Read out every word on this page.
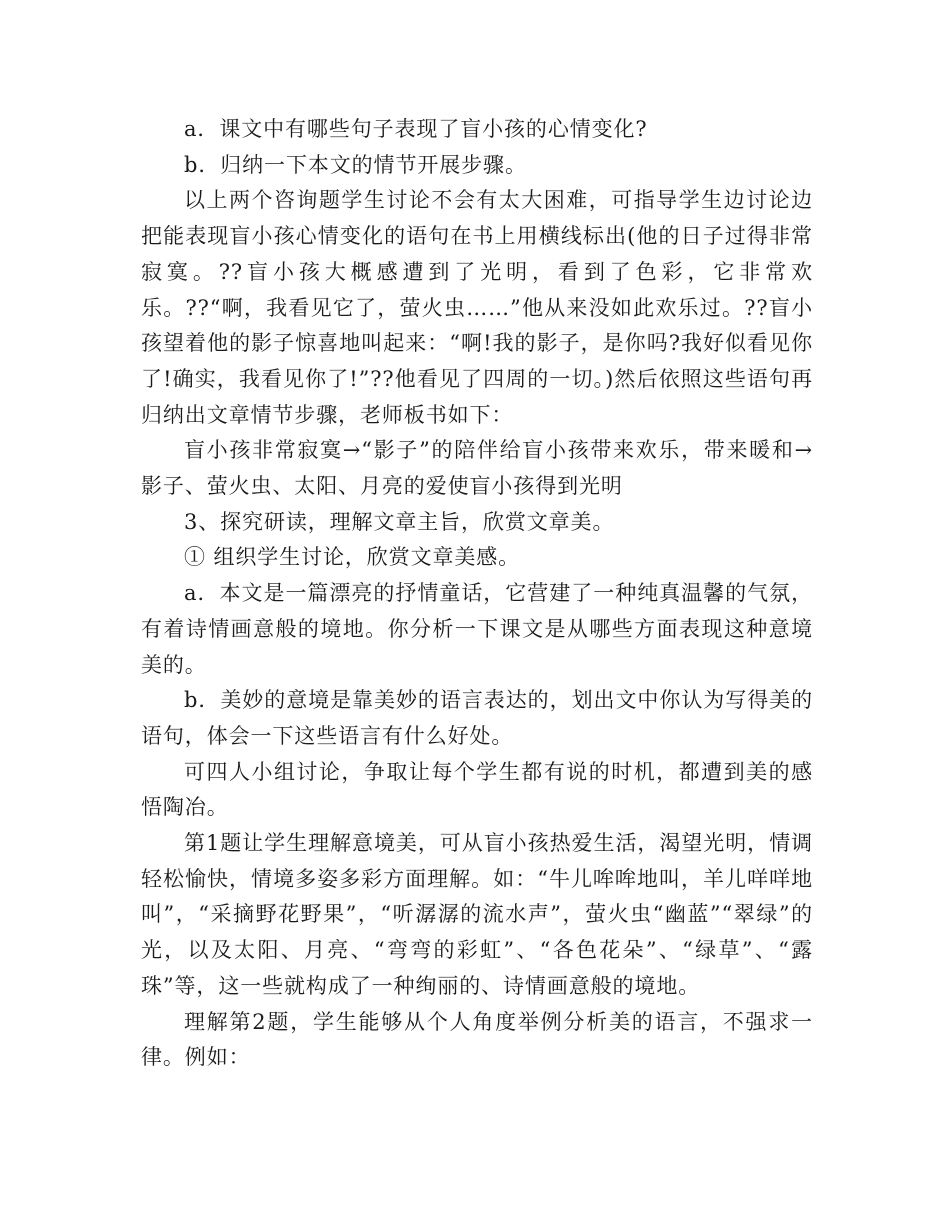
a．课文中有哪些句子表现了盲小孩的心情变化?

b．归纳一下本文的情节开展步骤。

以上两个咨询题学生讨论不会有太大困难，可指导学生边讨论边把能表现盲小孩心情变化的语句在书上用横线标出(他的日子过得非常寂寞。??盲小孩大概感遭到了光明，看到了色彩，它非常欢乐。??“啊，我看见它了，萤火虫……”他从来没如此欢乐过。??盲小孩望着他的影子惊喜地叫起来：“啊!我的影子，是你吗?我好似看见你了!确实，我看见你了!”??他看见了四周的一切。)然后依照这些语句再归纳出文章情节步骤，老师板书如下：

盲小孩非常寂寞→“影子”的陪伴给盲小孩带来欢乐，带来暖和→影子、萤火虫、太阳、月亮的爱使盲小孩得到光明

3、探究研读，理解文章主旨，欣赏文章美。

① 组织学生讨论，欣赏文章美感。

a．本文是一篇漂亮的抒情童话，它营建了一种纯真温馨的气氛，有着诗情画意般的境地。你分析一下课文是从哪些方面表现这种意境美的。

b．美妙的意境是靠美妙的语言表达的，划出文中你认为写得美的语句，体会一下这些语言有什么好处。

可四人小组讨论，争取让每个学生都有说的时机，都遭到美的感悟陶冶。

第1题让学生理解意境美，可从盲小孩热爱生活，渴望光明，情调轻松愉快，情境多姿多彩方面理解。如：“牛儿哞哞地叫，羊儿咩咩地叫”，“采摘野花野果”，“听潺潺的流水声”，萤火虫“幽蓝”“翠绿”的光，以及太阳、月亮、“弯弯的彩虹”、“各色花朵”、“绿草”、“露珠”等，这一些就构成了一种绚丽的、诗情画意般的境地。

理解第2题，学生能够从个人角度举例分析美的语言，不强求一律。例如：
